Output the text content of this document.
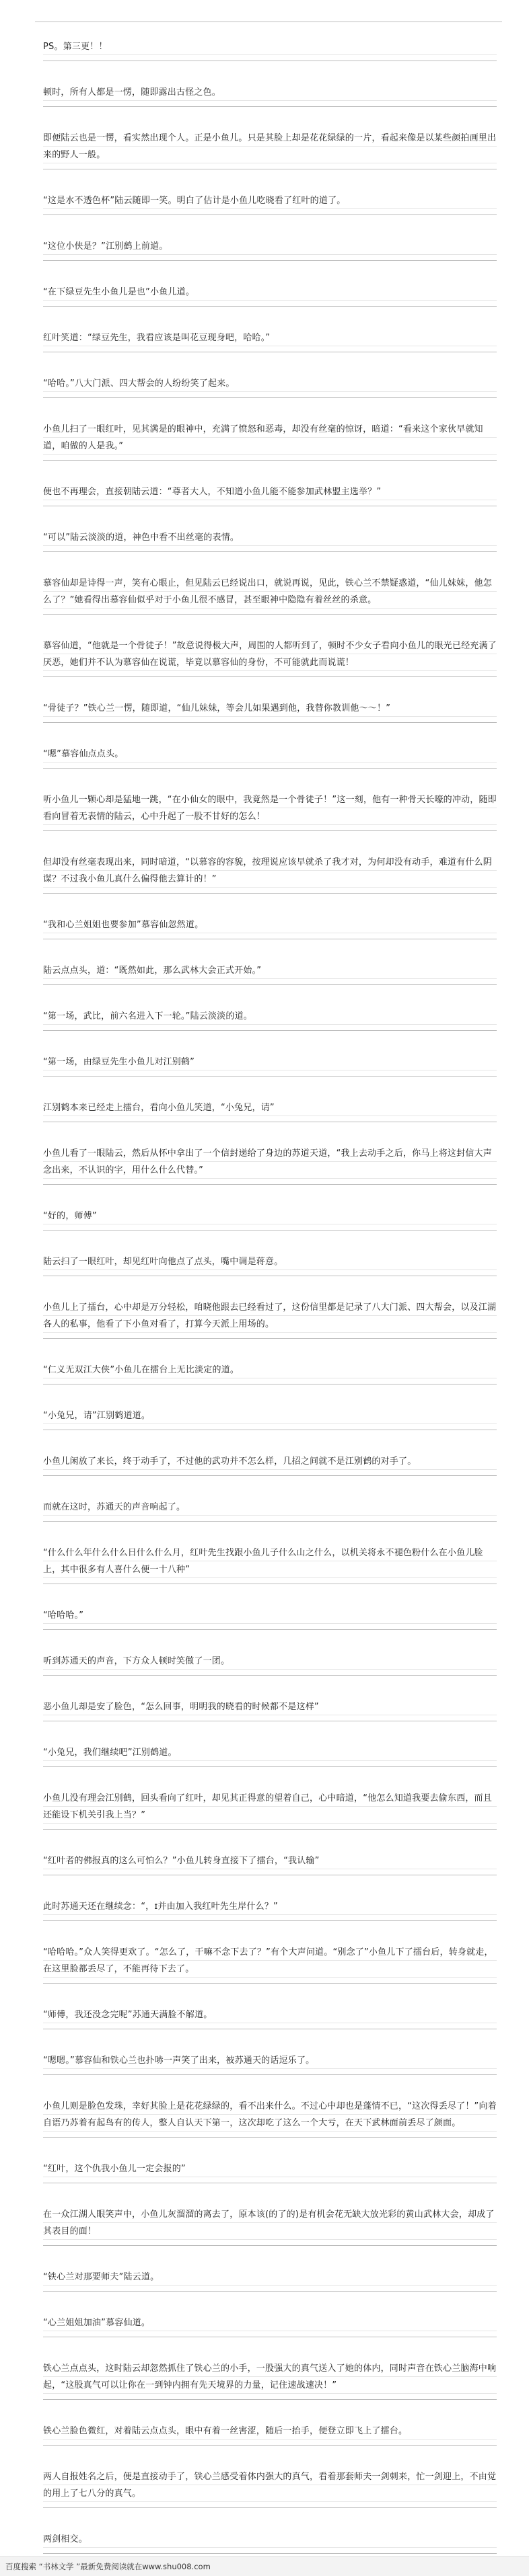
PS。第三更！！
顿时，所有人都是一愣，随即露出古怪之色。
即便陆云也是一愣，看实然出现个人。正是小鱼儿。只是其脸上却是花花绿绿的一片，看起来像是以某些颜拍画里出来的野人一般。
“这是水不透色杯”陆云随即一笑。明白了估计是小鱼儿吃晓看了红叶的道了。
“这位小侠是？”江别鹤上前道。
“在下绿豆先生小鱼儿是也”小鱼儿道。
红叶笑道：“绿豆先生，我看应该是叫花豆现身吧，哈哈。”
“哈哈。”八大门派、四大帮会的人纷纷笑了起来。
小鱼儿扫了一眼红叶，见其满是的眼神中，充满了愤怒和恶毒，却没有丝毫的惊讶，暗道：“看来这个家伙早就知道，咱做的人是我。”
便也不再理会，直接朝陆云道：“尊者大人，不知道小鱼儿能不能参加武林盟主选举？”
“可以”陆云淡淡的道，神色中看不出丝毫的表情。
慕容仙却是诗得一声，笑有心眼止，但见陆云已经说出口，就说再说，见此，铁心兰不禁疑惑道，“仙儿妹妹，他怎么了？”她看得出慕容仙似乎对于小鱼儿很不感冒，甚至眼神中隐隐有着丝丝的杀意。
慕容仙道，“他就是一个骨徒子！”故意说得极大声，周围的人都听到了，顿时不少女子看向小鱼儿的眼光已经充满了厌恶，她们并不认为慕容仙在说谎，毕竟以慕容仙的身份，不可能就此而说谎！
“骨徒子？”铁心兰一愣，随即道，“仙儿妹妹，等会儿如果遇到他，我替你教训他～～！”
“嗯”慕容仙点点头。
听小鱼儿一颗心却是猛地一跳，“在小仙女的眼中，我竟然是一个骨徒子！”这一刻，他有一种骨天长嚎的冲动，随即看向冒着无表情的陆云，心中升起了一股不甘好的怎么！
但却没有丝毫表现出来，同时暗道，“以慕容的容貌，按理说应该早就杀了我才对，为何却没有动手，难道有什么阴谋？不过我小鱼儿真什么偏得他去算计的！”
“我和心兰姐姐也要参加”慕容仙忽然道。
陆云点点头，道：“既然如此，那么武林大会正式开始。”
“第一场，武比，前六名进入下一轮。”陆云淡淡的道。
“第一场，由绿豆先生小鱼儿对江别鹤”
江别鹤本来已经走上擂台，看向小鱼儿笑道，“小兔兄，请”
小鱼儿看了一眼陆云，然后从怀中拿出了一个信封递给了身边的苏道天道，“我上去动手之后，你马上将这封信大声念出来，不认识的字，用什么什么代替。”
“好的，师傅”
陆云扫了一眼红叶，却见红叶向他点了点头，嘴中调是蒋意。
小鱼儿上了擂台，心中却是万分轻松，咱晓他跟去已经看过了，这份信里都是记录了八大门派、四大帮会，以及江湖各人的私事，他看了下小鱼对看了，打算今天派上用场的。
“仁义无双江大侠”小鱼儿在擂台上无比淡定的道。
“小兔兄，请”江别鹤道道。
小鱼儿闲放了来长，终于动手了，不过他的武功并不怎么样，几招之间就不是江别鹤的对手了。
而就在这时，苏通天的声音响起了。
“什么什么年什么什么日什么什么月，红叶先生找跟小鱼儿子什么山之什么，以机关将永不褪色粉什么在小鱼儿脸上，其中很多有人喜什么便一十八种”
“哈哈哈。”
听到苏通天的声音，下方众人顿时笑做了一团。
恶小鱼儿却是安了脸色，“怎么回事，明明我的晓看的时候都不是这样”
“小兔兄，我们继续吧”江别鹤道。
小鱼儿没有理会江别鹤，回头看向了红叶，却见其正得意的望着自己，心中暗道，“他怎么知道我要去偷东西，而且还能设下机关引我上当？”
“红叶者的佛报真的这么可怕么？”小鱼儿转身直接下了擂台，“我认输”
此时苏通天还在继续念：“，ɪ并由加入我红叶先生岸什么？”
“哈哈哈。”众人笑得更欢了。“怎么了，干嘛不念下去了？”有个大声问道。“别念了”小鱼儿下了擂台后，转身就走，在这里脸都丢尽了，不能再待下去了。
“师傅，我还没念完呢”苏通天满脸不解道。
“嗯嗯。”慕容仙和铁心兰也扑哧一声笑了出来，被苏通天的话逗乐了。
小鱼儿则是脸色发珠，幸好其脸上是花花绿绿的，看不出来什么。不过心中却也是蓬情不已，“这次得丢尽了！”向着自语乃苏着有起鸟有的传人，整人自认天下第一，这次却吃了这么一个大亏，在天下武林面前丢尽了颜面。
“红叶，这个仇我小鱼儿一定会报的”
在一众江湖人眼笑声中，小鱼儿灰溜溜的离去了，原本该(的了的)是有机会花无缺大放光彩的黄山武林大会，却成了其表目的面！
“铁心兰对那要师夫”陆云道。
“心兰姐姐加油”慕容仙道。
铁心兰点点头，这时陆云却忽然抓住了铁心兰的小手，一股强大的真气送入了她的体内，同时声音在铁心兰脑海中响起，“这股真气可以让你在一到钟内拥有先天境界的力量，记住速战速决！”
铁心兰脸色微红，对着陆云点点头，眼中有着一丝害涩，随后一抬手，便登立即飞上了擂台。
两人自报姓名之后，便是直接动手了，铁心兰感受着体内强大的真气，看着那套师夫一剑刺来，忙一剑迎上，不由觉的用上了七八分的真气。
两剑相交。
百度搜索 “书林文学 ”最新免费阅读就在www.shu008.com
